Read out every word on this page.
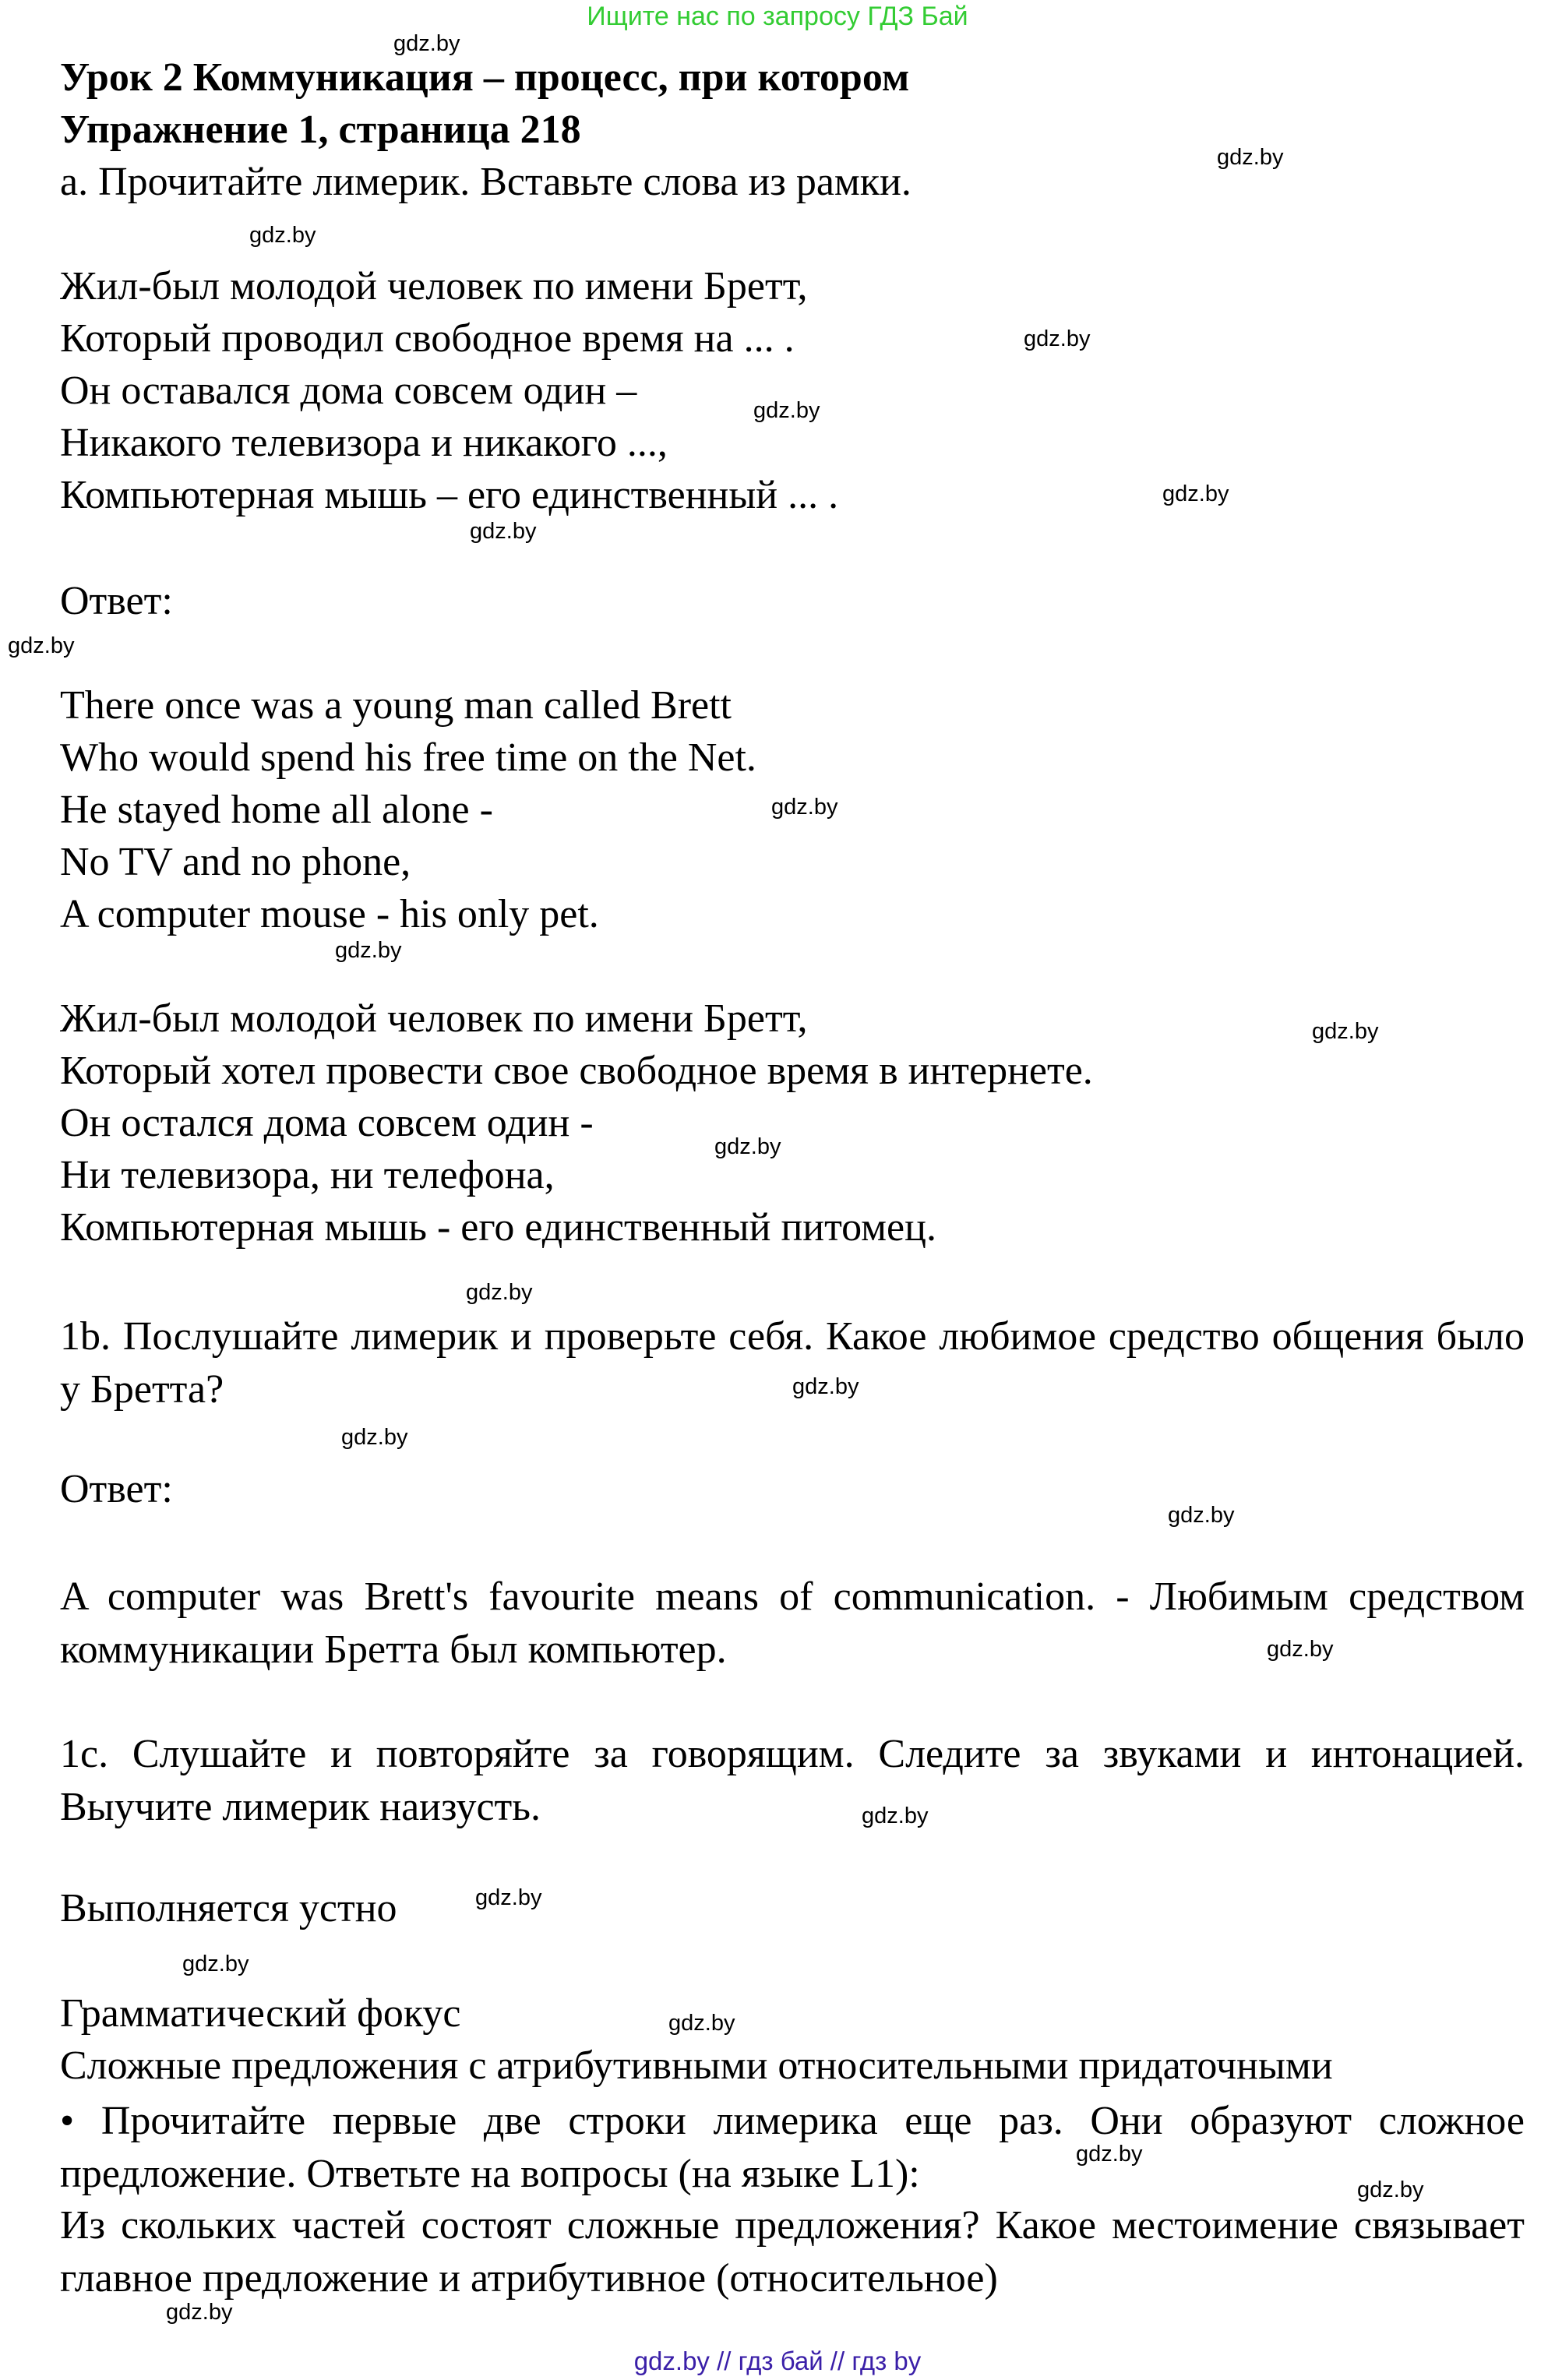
Ищите нас по запросу ГДЗ Бай
gdz.by
gdz.by
gdz.by
gdz.by
gdz.by
gdz.by
gdz.by
gdz.by
gdz.by
gdz.by
gdz.by
gdz.by
gdz.by
gdz.by
gdz.by
gdz.by
gdz.by
gdz.by
gdz.by
gdz.by
gdz.by
gdz.by
gdz.by
gdz.by
Урок 2 Коммуникация – процесс, при котором
Упражнение 1, страница 218
а. Прочитайте лимерик. Вставьте слова из рамки.
Жил-был молодой человек по имени Бретт,
Который проводил свободное время на ... .
Он оставался дома совсем один –
Никакого телевизора и никакого ...,
Компьютерная мышь – его единственный ... .
Ответ:
There once was a young man called Brett
Who would spend his free time on the Net.
He stayed home all alone -
No TV and no phone,
A computer mouse - his only pet.
Жил-был молодой человек по имени Бретт,
Который хотел провести свое свободное время в интернете.
Он остался дома совсем один -
Ни телевизора, ни телефона,
Компьютерная мышь - его единственный питомец.
1b. Послушайте лимерик и проверьте себя. Какое любимое средство общения было у Бретта?
Ответ:
A computer was Brett's favourite means of communication. - Любимым средством коммуникации Бретта был компьютер.
1с. Слушайте и повторяйте за говорящим. Следите за звуками и интонацией. Выучите лимерик наизусть.
Выполняется устно
Грамматический фокус
Сложные предложения с атрибутивными относительными придаточными
• Прочитайте первые две строки лимерика еще раз. Они образуют сложное предложение. Ответьте на вопросы (на языке L1):
Из скольких частей состоят сложные предложения? Какое местоимение связывает главное предложение и атрибутивное (относительное)
gdz.by // гдз бай // гдз by
